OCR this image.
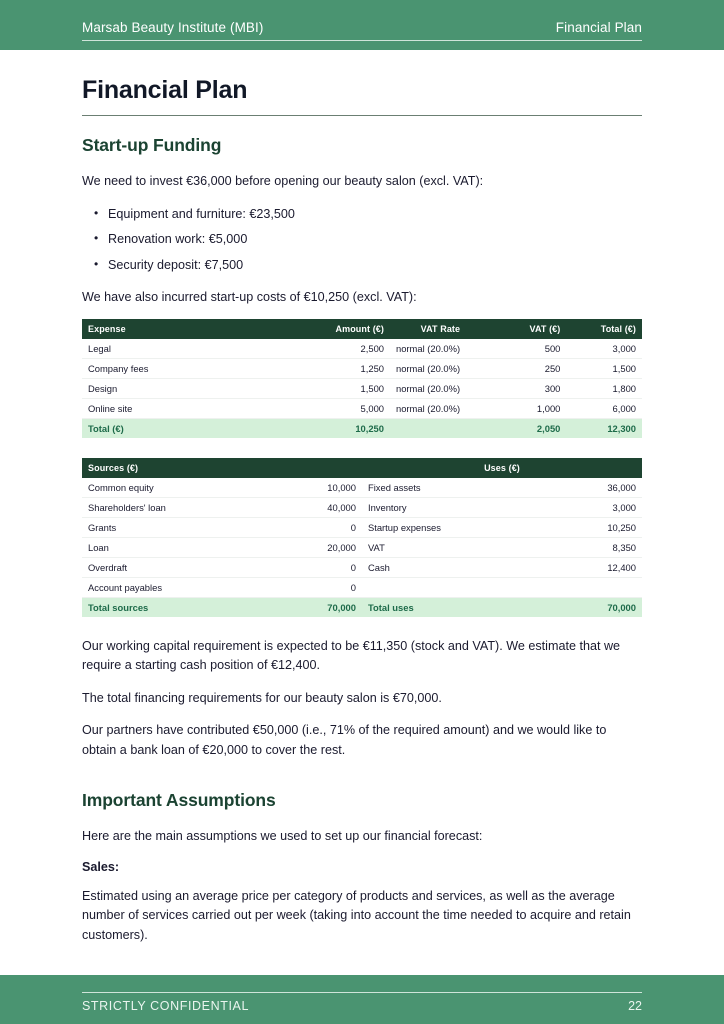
Marsab Beauty Institute (MBI)	Financial Plan
Financial Plan
Start-up Funding

We need to invest €36,000 before opening our beauty salon (excl. VAT):

• Equipment and furniture: €23,500
• Renovation work: €5,000
• Security deposit: €7,500

We have also incurred start-up costs of €10,250 (excl. VAT):

Expense	Amount (€)	VAT Rate	VAT (€)	Total (€)
Legal	2,500	normal (20.0%)	500	3,000
Company fees	1,250	normal (20.0%)	250	1,500
Design	1,500	normal (20.0%)	300	1,800
Online site	5,000	normal (20.0%)	1,000	6,000
Total (€)	10,250		2,050	12,300
Sources (€)		Uses (€)	
Common equity	10,000	Fixed assets	36,000
Shareholders' loan	40,000	Inventory	3,000
Grants	0	Startup expenses	10,250
Loan	20,000	VAT	8,350
Overdraft	0	Cash	12,400
Account payables	0		
Total sources	70,000	Total uses	70,000

Our working capital requirement is expected to be €11,350 (stock and VAT). We estimate that we require a starting cash position of €12,400.

The total financing requirements for our beauty salon is €70,000.

Our partners have contributed €50,000 (i.e., 71% of the required amount) and we would like to obtain a bank loan of €20,000 to cover the rest.

Important Assumptions

Here are the main assumptions we used to set up our financial forecast:

Sales:

Estimated using an average price per category of products and services, as well as the average number of services carried out per week (taking into account the time needed to acquire and retain customers).

STRICTLY CONFIDENTIAL	22
